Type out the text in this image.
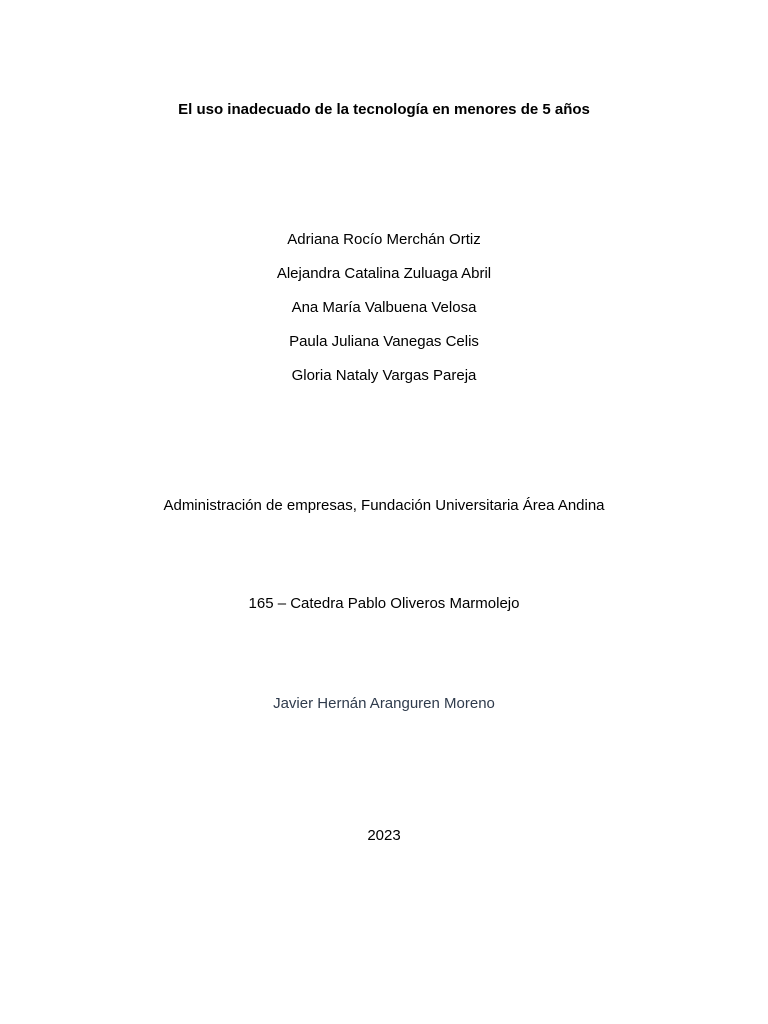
El uso inadecuado de la tecnología en menores de 5 años
Adriana Rocío Merchán Ortiz
Alejandra Catalina Zuluaga Abril
Ana María Valbuena Velosa
Paula Juliana Vanegas Celis
Gloria Nataly Vargas Pareja
Administración de empresas, Fundación Universitaria Área Andina
165 – Catedra Pablo Oliveros Marmolejo
Javier Hernán Aranguren Moreno
2023
